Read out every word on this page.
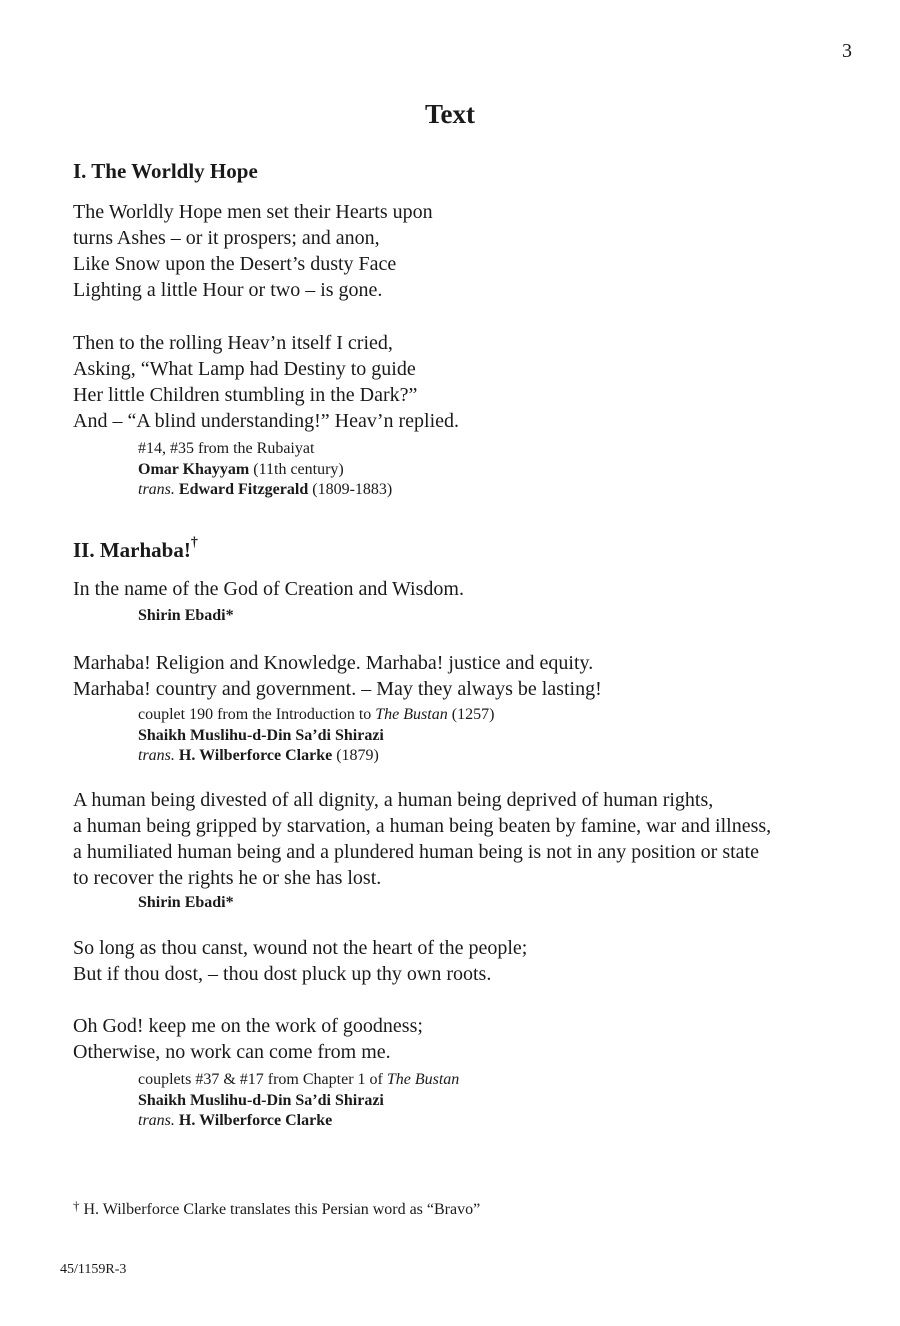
3
Text
I. The Worldly Hope

The Worldly Hope men set their Hearts upon
turns Ashes – or it prospers; and anon,
Like Snow upon the Desert’s dusty Face
Lighting a little Hour or two – is gone.

Then to the rolling Heav’n itself I cried,
Asking, “What Lamp had Destiny to guide
Her little Children stumbling in the Dark?”
And – “A blind understanding!” Heav’n replied.

#14, #35 from the Rubaiyat
Omar Khayyam (11th century)
trans. Edward Fitzgerald (1809-1883)
II. Marhaba!†

In the name of the God of Creation and Wisdom.

Shirin Ebadi*

Marhaba! Religion and Knowledge. Marhaba! justice and equity.
Marhaba! country and government. – May they always be lasting!

couplet 190 from the Introduction to The Bustan (1257)
Shaikh Muslihu-d-Din Sa’di Shirazi
trans. H. Wilberforce Clarke (1879)

A human being divested of all dignity, a human being deprived of human rights,
a human being gripped by starvation, a human being beaten by famine, war and illness,
a humiliated human being and a plundered human being is not in any position or state
to recover the rights he or she has lost.

Shirin Ebadi*

So long as thou canst, wound not the heart of the people;
But if thou dost, – thou dost pluck up thy own roots.

Oh God! keep me on the work of goodness;
Otherwise, no work can come from me.

couplets #37 & #17 from Chapter 1 of The Bustan
Shaikh Muslihu-d-Din Sa’di Shirazi
trans. H. Wilberforce Clarke

† H. Wilberforce Clarke translates this Persian word as “Bravo”

45/1159R-3
